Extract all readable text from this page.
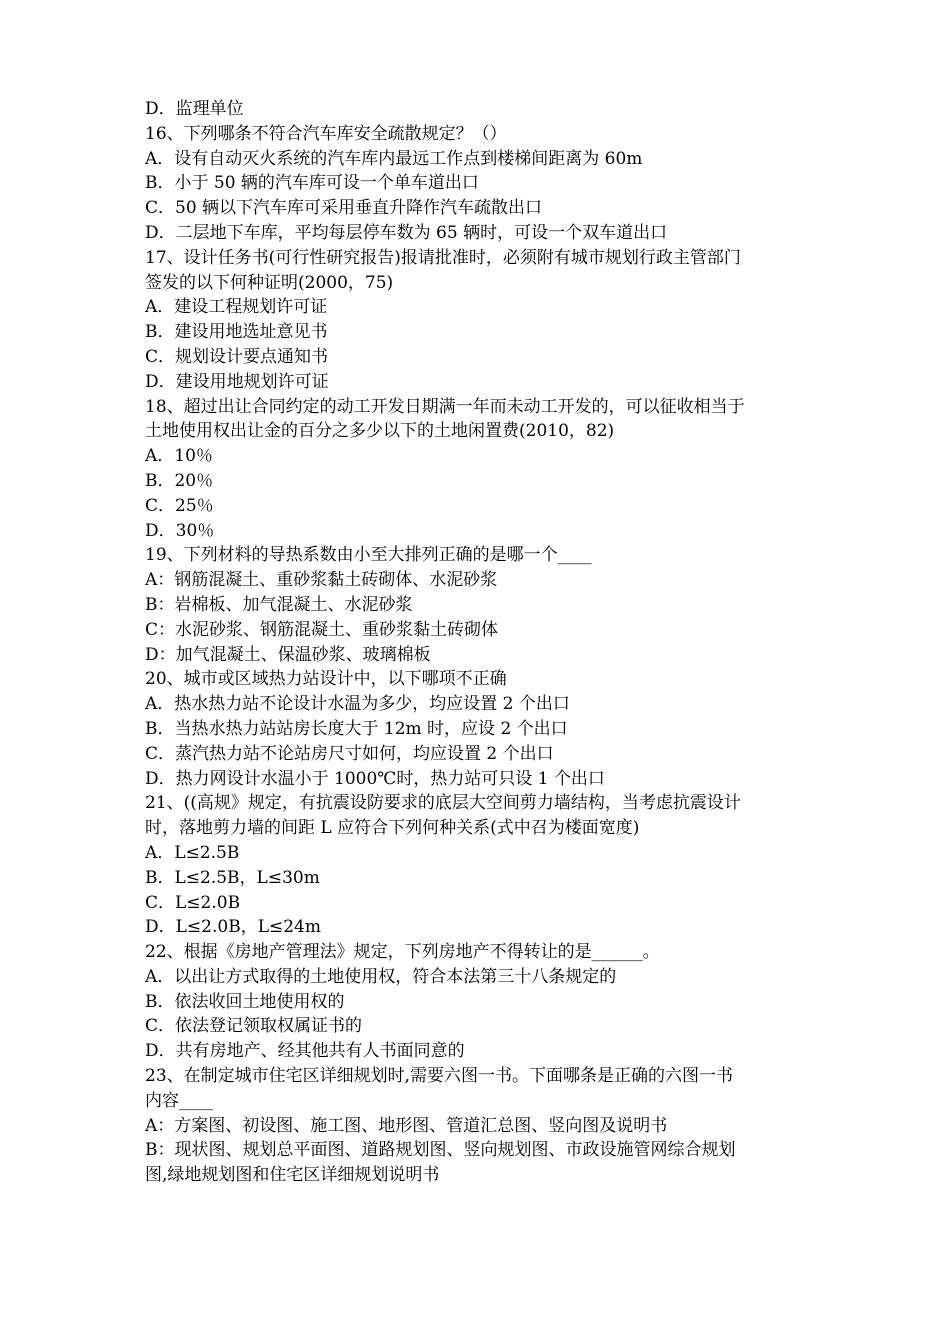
D．监理单位
16、下列哪条不符合汽车库安全疏散规定？（）
A．设有自动灭火系统的汽车库内最远工作点到楼梯间距离为 60m
B．小于 50 辆的汽车库可设一个单车道出口
C．50 辆以下汽车库可采用垂直升降作汽车疏散出口
D．二层地下车库，平均每层停车数为 65 辆时，可设一个双车道出口
17、设计任务书(可行性研究报告)报请批准时，必须附有城市规划行政主管部门
签发的以下何种证明(2000，75)
A．建设工程规划许可证
B．建设用地选址意见书
C．规划设计要点通知书
D．建设用地规划许可证
18、超过出让合同约定的动工开发日期满一年而未动工开发的，可以征收相当于
土地使用权出让金的百分之多少以下的土地闲置费(2010，82)
A．10％
B．20％
C．25％
D．30％
19、下列材料的导热系数由小至大排列正确的是哪一个____
A：钢筋混凝土、重砂浆黏土砖砌体、水泥砂浆
B：岩棉板、加气混凝土、水泥砂浆
C：水泥砂浆、钢筋混凝土、重砂浆黏土砖砌体
D：加气混凝土、保温砂浆、玻璃棉板
20、城市或区域热力站设计中，以下哪项不正确
A．热水热力站不论设计水温为多少，均应设置 2 个出口
B．当热水热力站站房长度大于 12m 时，应设 2 个出口
C．蒸汽热力站不论站房尺寸如何，均应设置 2 个出口
D．热力网设计水温小于 1000℃时，热力站可只设 1 个出口
21、((高规》规定，有抗震设防要求的底层大空间剪力墙结构，当考虑抗震设计
时，落地剪力墙的间距 L 应符合下列何种关系(式中召为楼面宽度)
A．L≤2.5B
B．L≤2.5B，L≤30m
C．L≤2.0B
D．L≤2.0B，L≤24m
22、根据《房地产管理法》规定，下列房地产不得转让的是______。
A．以出让方式取得的土地使用权，符合本法第三十八条规定的
B．依法收回土地使用权的
C．依法登记领取权属证书的
D．共有房地产、经其他共有人书面同意的
23、在制定城市住宅区详细规划时,需要六图一书。下面哪条是正确的六图一书
内容____
A：方案图、初设图、施工图、地形图、管道汇总图、竖向图及说明书
B：现状图、规划总平面图、道路规划图、竖向规划图、市政设施管网综合规划
图,绿地规划图和住宅区详细规划说明书
